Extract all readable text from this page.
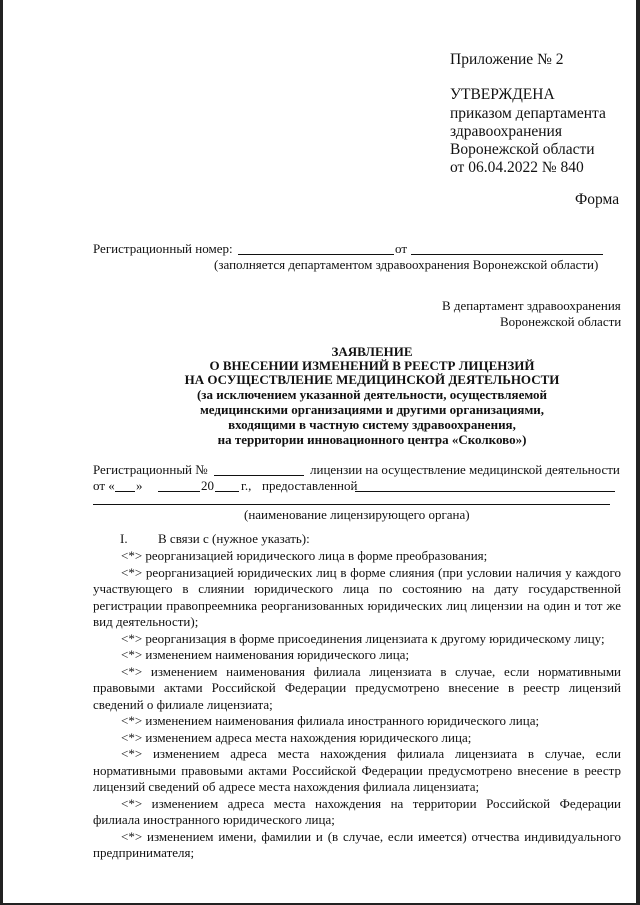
Приложение № 2
УТВЕРЖДЕНА
приказом департамента
здравоохранения
Воронежской области
от 06.04.2022 № 840
Форма
Регистрационный номер:	от
(заполняется департаментом здравоохранения Воронежской области)
В департамент здравоохранения
Воронежской области
ЗАЯВЛЕНИЕ
О ВНЕСЕНИИ ИЗМЕНЕНИЙ В РЕЕСТР ЛИЦЕНЗИЙ
НА ОСУЩЕСТВЛЕНИЕ МЕДИЦИНСКОЙ ДЕЯТЕЛЬНОСТИ
(за исключением указанной деятельности, осуществляемой
медицинскими организациями и другими организациями,
входящими в частную систему здравоохранения,
на территории инновационного центра «Сколково»)
Регистрационный №	лицензии на осуществление медицинской деятельности
от « »	20 г., предоставленной
(наименование лицензирующего органа)
I. В связи с (нужное указать):

<*> реорганизацией юридического лица в форме преобразования;

<*> реорганизацией юридических лиц в форме слияния (при условии наличия у каждого участвующего в слиянии юридического лица по состоянию на дату государственной регистрации правопреемника реорганизованных юридических лиц лицензии на один и тот же вид деятельности);

<*> реорганизация в форме присоединения лицензиата к другому юридическому лицу;

<*> изменением наименования юридического лица;

<*> изменением наименования филиала лицензиата в случае, если нормативными правовыми актами Российской Федерации предусмотрено внесение в реестр лицензий сведений о филиале лицензиата;

<*> изменением наименования филиала иностранного юридического лица;

<*> изменением адреса места нахождения юридического лица;

<*> изменением адреса места нахождения филиала лицензиата в случае, если нормативными правовыми актами Российской Федерации предусмотрено внесение в реестр лицензий сведений об адресе места нахождения филиала лицензиата;

<*> изменением адреса места нахождения на территории Российской Федерации филиала иностранного юридического лица;

<*> изменением имени, фамилии и (в случае, если имеется) отчества индивидуального предпринимателя;
